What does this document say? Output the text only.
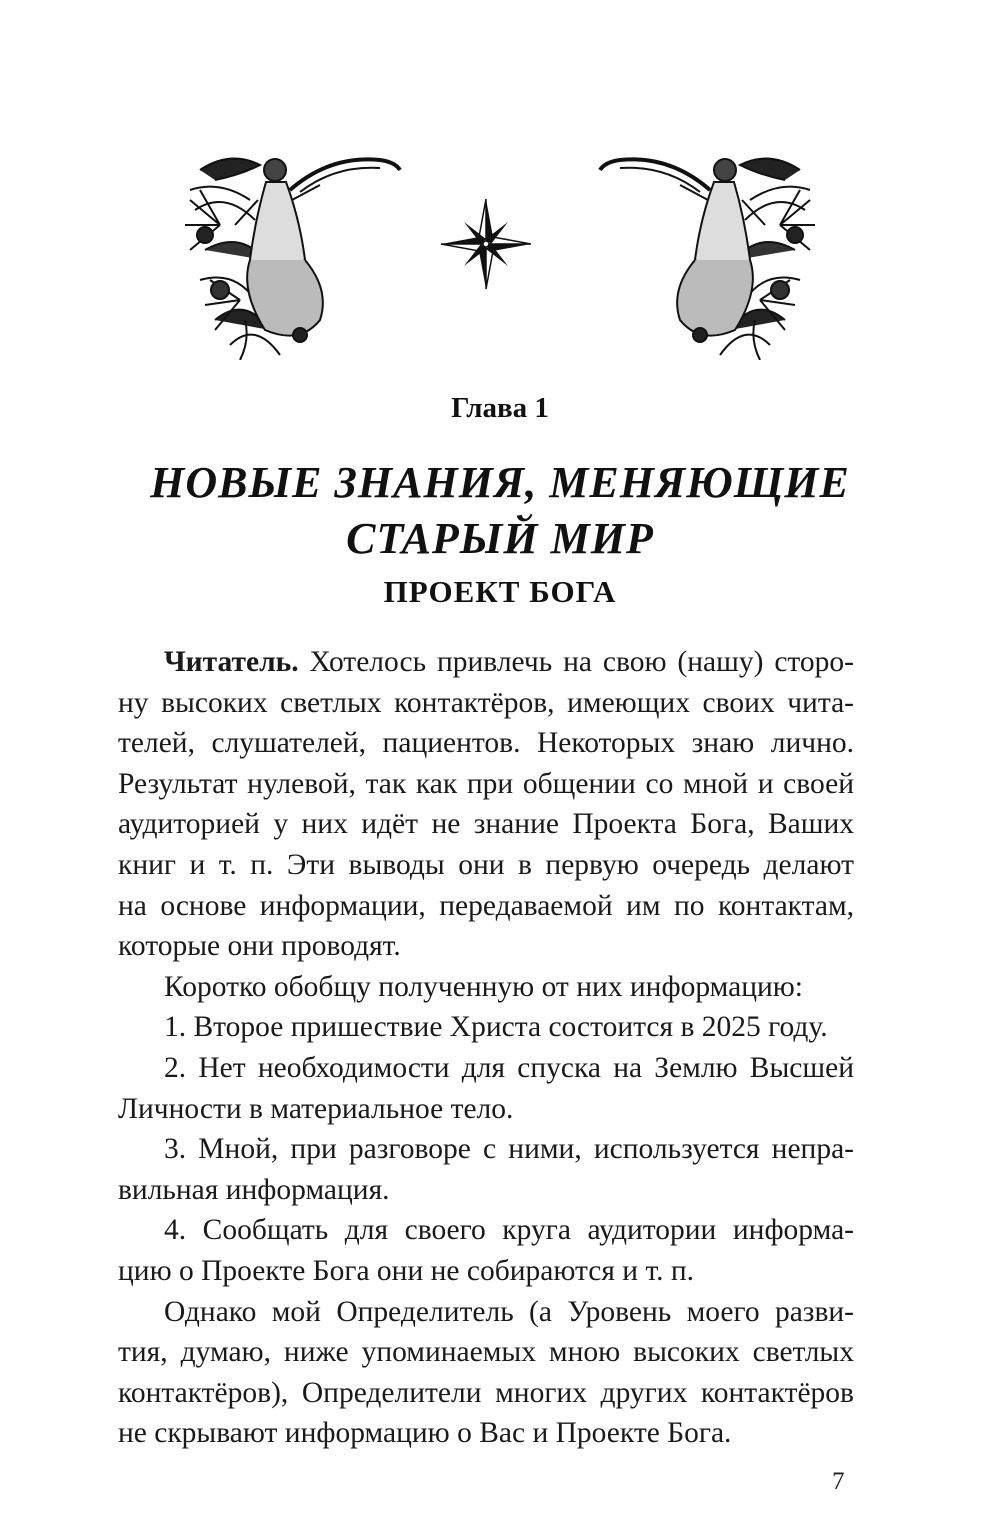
Глава 1
НОВЫЕ ЗНАНИЯ, МЕНЯЮЩИЕ
СТАРЫЙ МИР
ПРОЕКТ БОГА
Читатель. Хотелось привлечь на свою (нашу) сторо-
ну высоких светлых контактёров, имеющих своих чита-
телей, слушателей, пациентов. Некоторых знаю лично.
Результат нулевой, так как при общении со мной и своей
аудиторией у них идёт не знание Проекта Бога, Ваших
книг и т. п. Эти выводы они в первую очередь делают
на основе информации, передаваемой им по контактам,
которые они проводят.
Коротко обобщу полученную от них информацию:
1. Второе пришествие Христа состоится в 2025 году.
2. Нет необходимости для спуска на Землю Высшей
Личности в материальное тело.
3. Мной, при разговоре с ними, используется непра-
вильная информация.
4. Сообщать для своего круга аудитории информа-
цию о Проекте Бога они не собираются и т. п.
Однако мой Определитель (а Уровень моего разви-
тия, думаю, ниже упоминаемых мною высоких светлых
контактёров), Определители многих других контактёров
не скрывают информацию о Вас и Проекте Бога.
7
